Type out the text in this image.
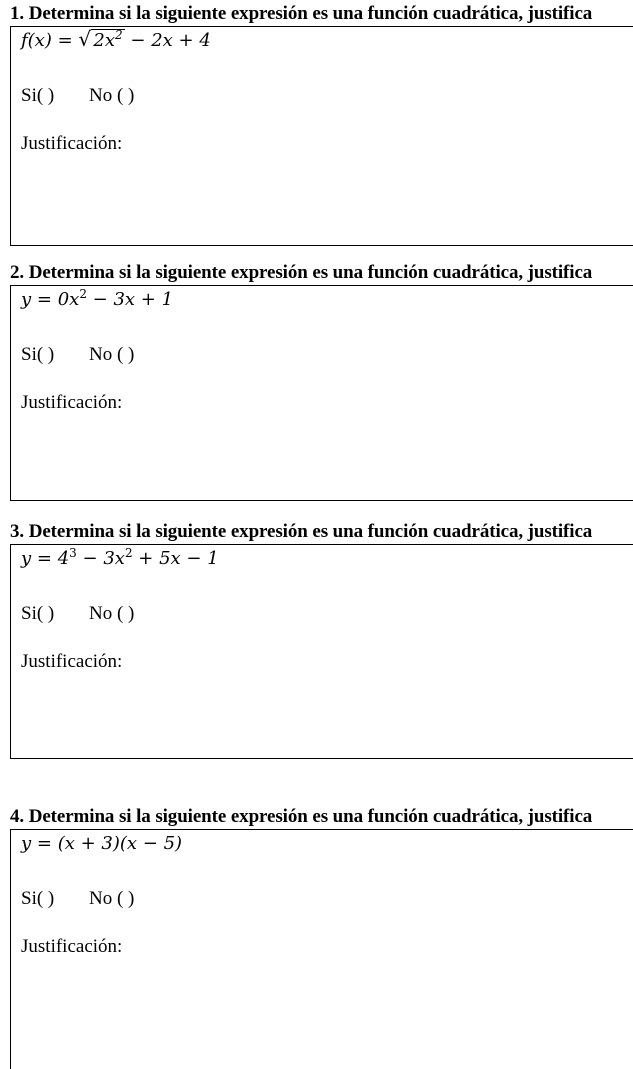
1. Determina si la siguiente expresión es una función cuadrática, justifica
f(x) = √ $2x^2 - 2x + 4$
Si( ) No ( )
Justificación:
2. Determina si la siguiente expresión es una función cuadrática, justifica
$y = 0x^2 - 3x + 1$
Si( ) No ( )
Justificación:
3. Determina si la siguiente expresión es una función cuadrática, justifica
$y = 4^3 - 3x^2 + 5x - 1$
Si( ) No ( )
Justificación:
4. Determina si la siguiente expresión es una función cuadrática, justifica
y = (x + 3)(x − 5)
Si( ) No ( )
Justificación:
